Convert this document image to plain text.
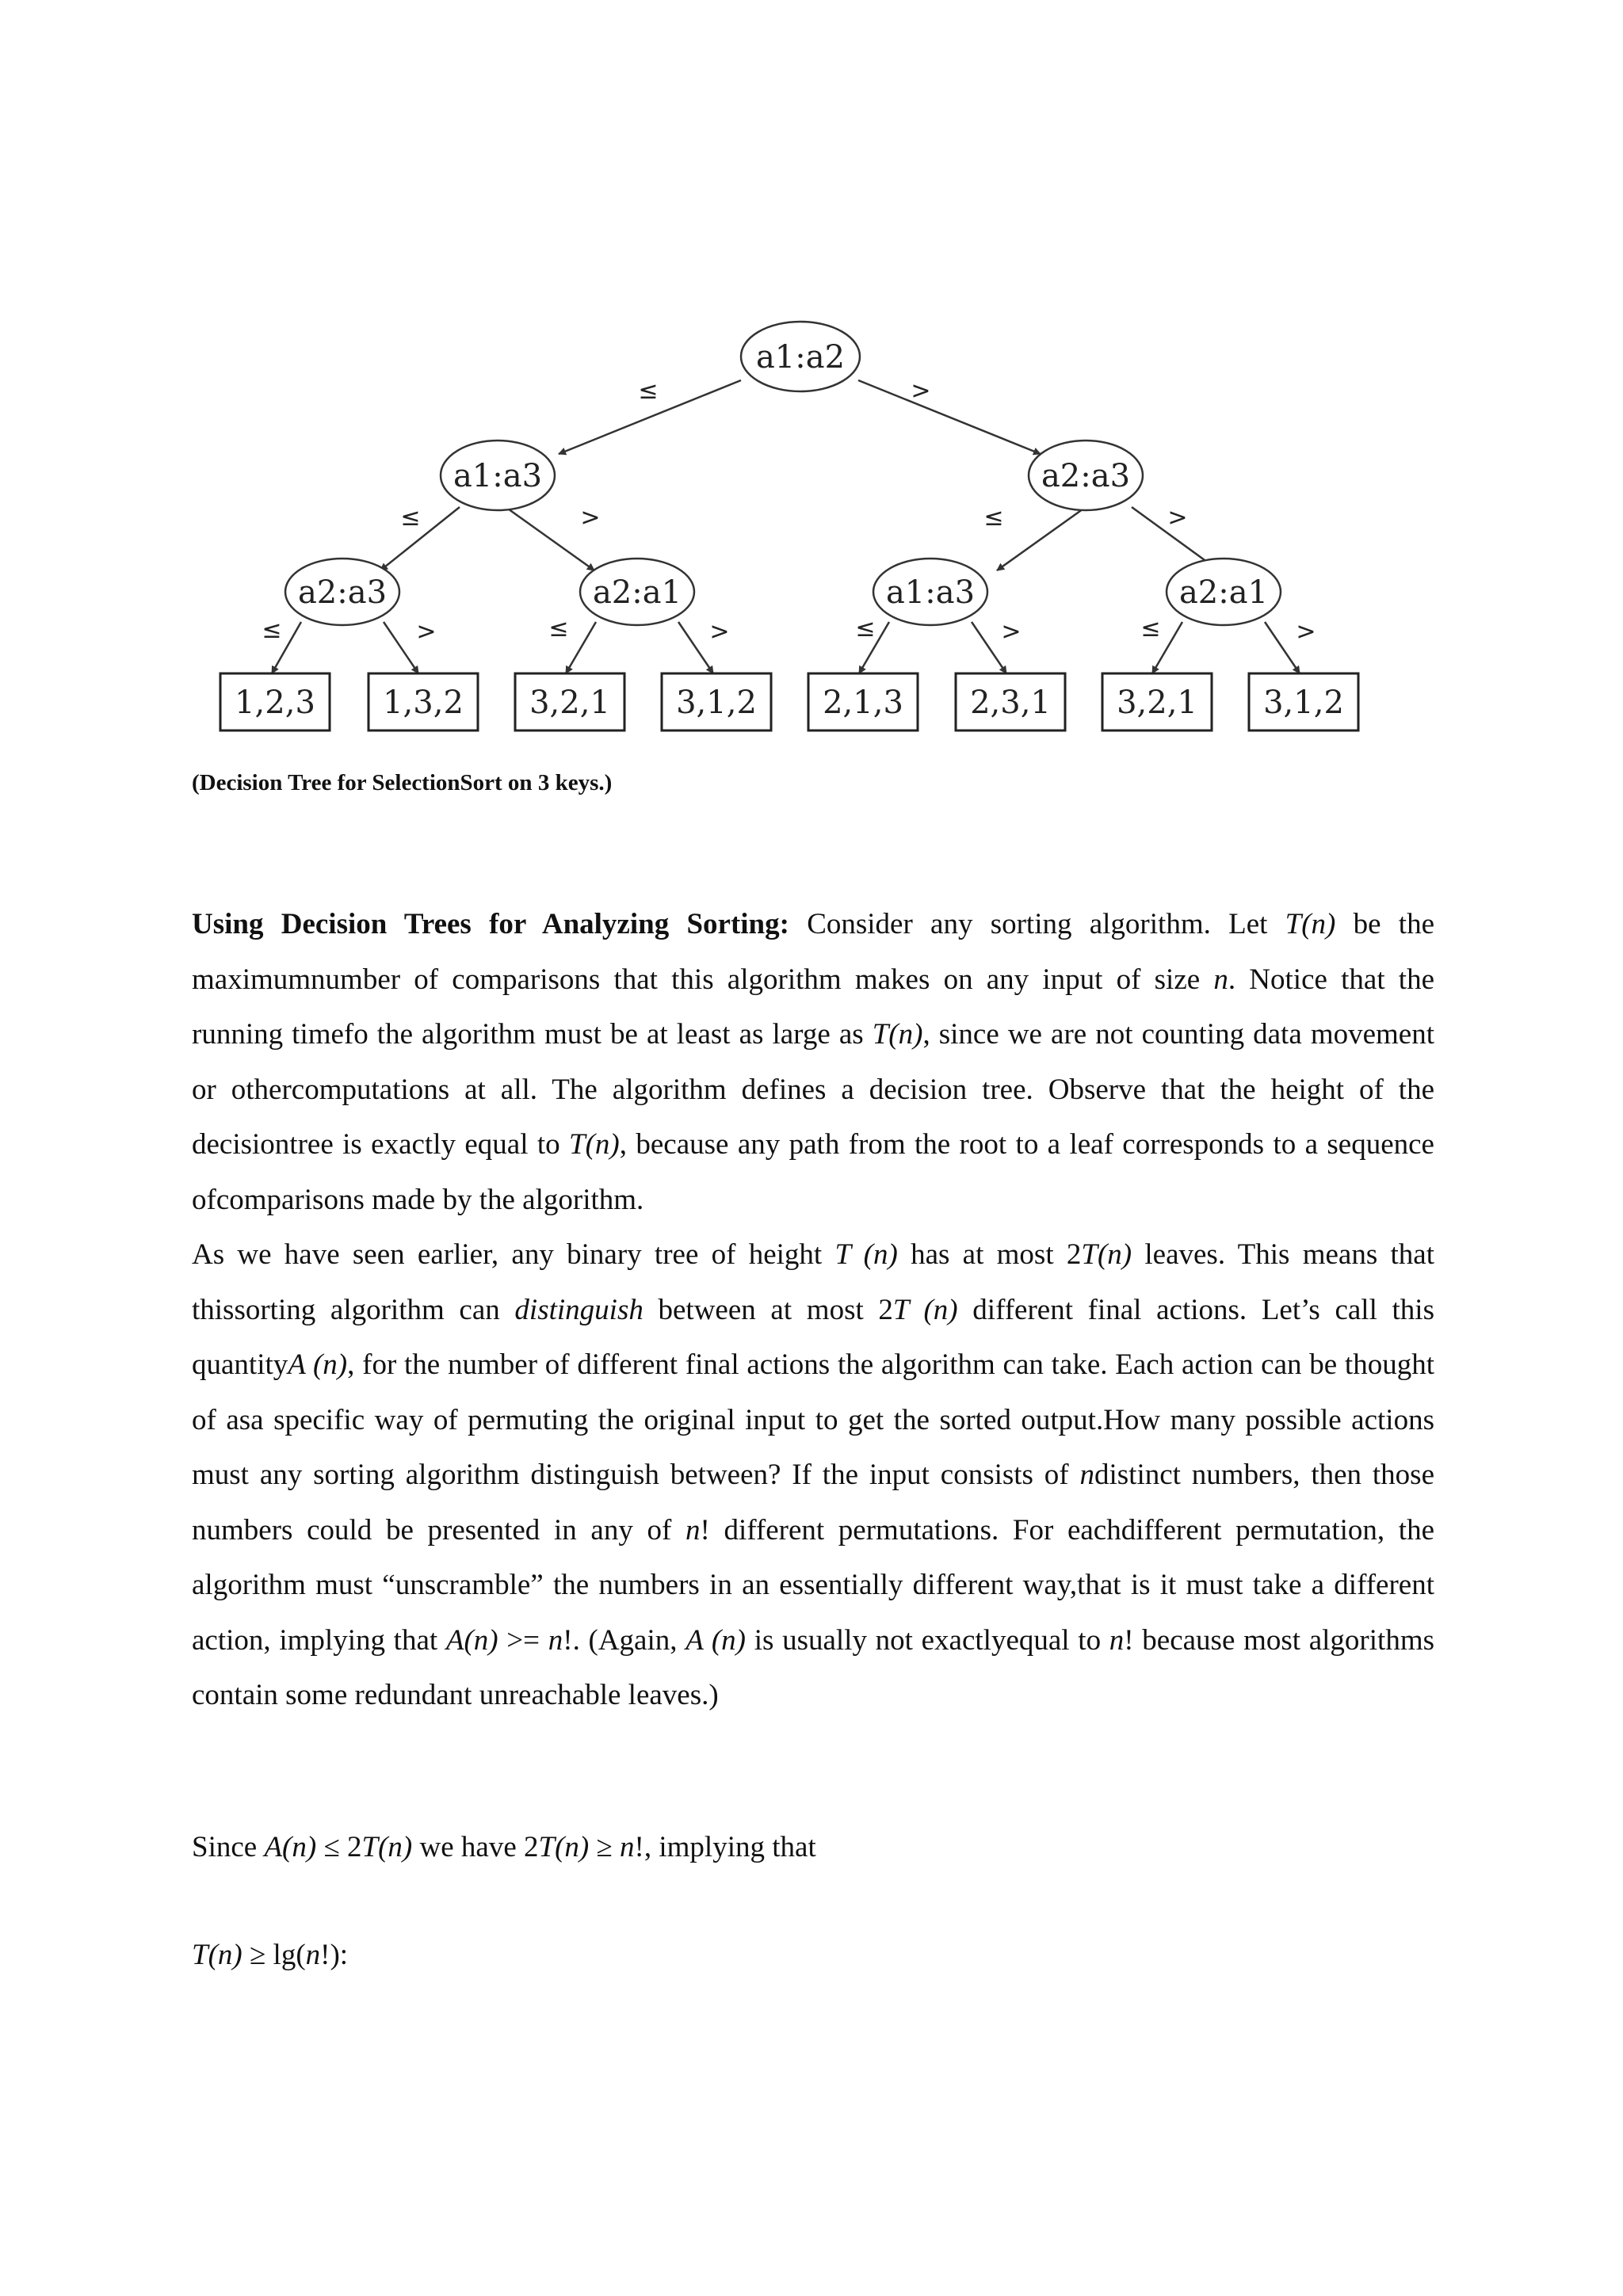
≤	>
≤	>	≤	>
≤	>	≤	>	≤	>	≤	>
a1:a2
a1:a3	a2:a3
a2:a3	a2:a1	a1:a3	a2:a1
1,2,3 1,3,2 3,2,1 3,1,2 2,1,3 2,3,1 3,2,1 3,1,2

(Decision Tree for SelectionSort on 3 keys.)

Using Decision Trees for Analyzing Sorting: Consider any sorting algorithm. Let T(n) be the maximumnumber of comparisons that this algorithm makes on any input of size n. Notice that the running timefo the algorithm must be at least as large as T(n), since we are not counting data movement or othercomputations at all. The algorithm defines a decision tree. Observe that the height of the decisiontree is exactly equal to T(n), because any path from the root to a leaf corresponds to a sequence ofcomparisons made by the algorithm.

As we have seen earlier, any binary tree of height T (n) has at most 2T(n) leaves. This means that thissorting algorithm can distinguish between at most 2T (n) different final actions. Let’s call this quantityA (n), for the number of different final actions the algorithm can take. Each action can be thought of asa specific way of permuting the original input to get the sorted output.How many possible actions must any sorting algorithm distinguish between? If the input consists of ndistinct numbers, then those numbers could be presented in any of n! different permutations. For eachdifferent permutation, the algorithm must “unscramble” the numbers in an essentially different way,that is it must take a different action, implying that A(n) >= n!. (Again, A (n) is usually not exactlyequal to n! because most algorithms contain some redundant unreachable leaves.)

Since A(n) ≤ 2T(n) we have 2T(n) ≥ n!, implying that

T(n) ≥ lg(n!):
